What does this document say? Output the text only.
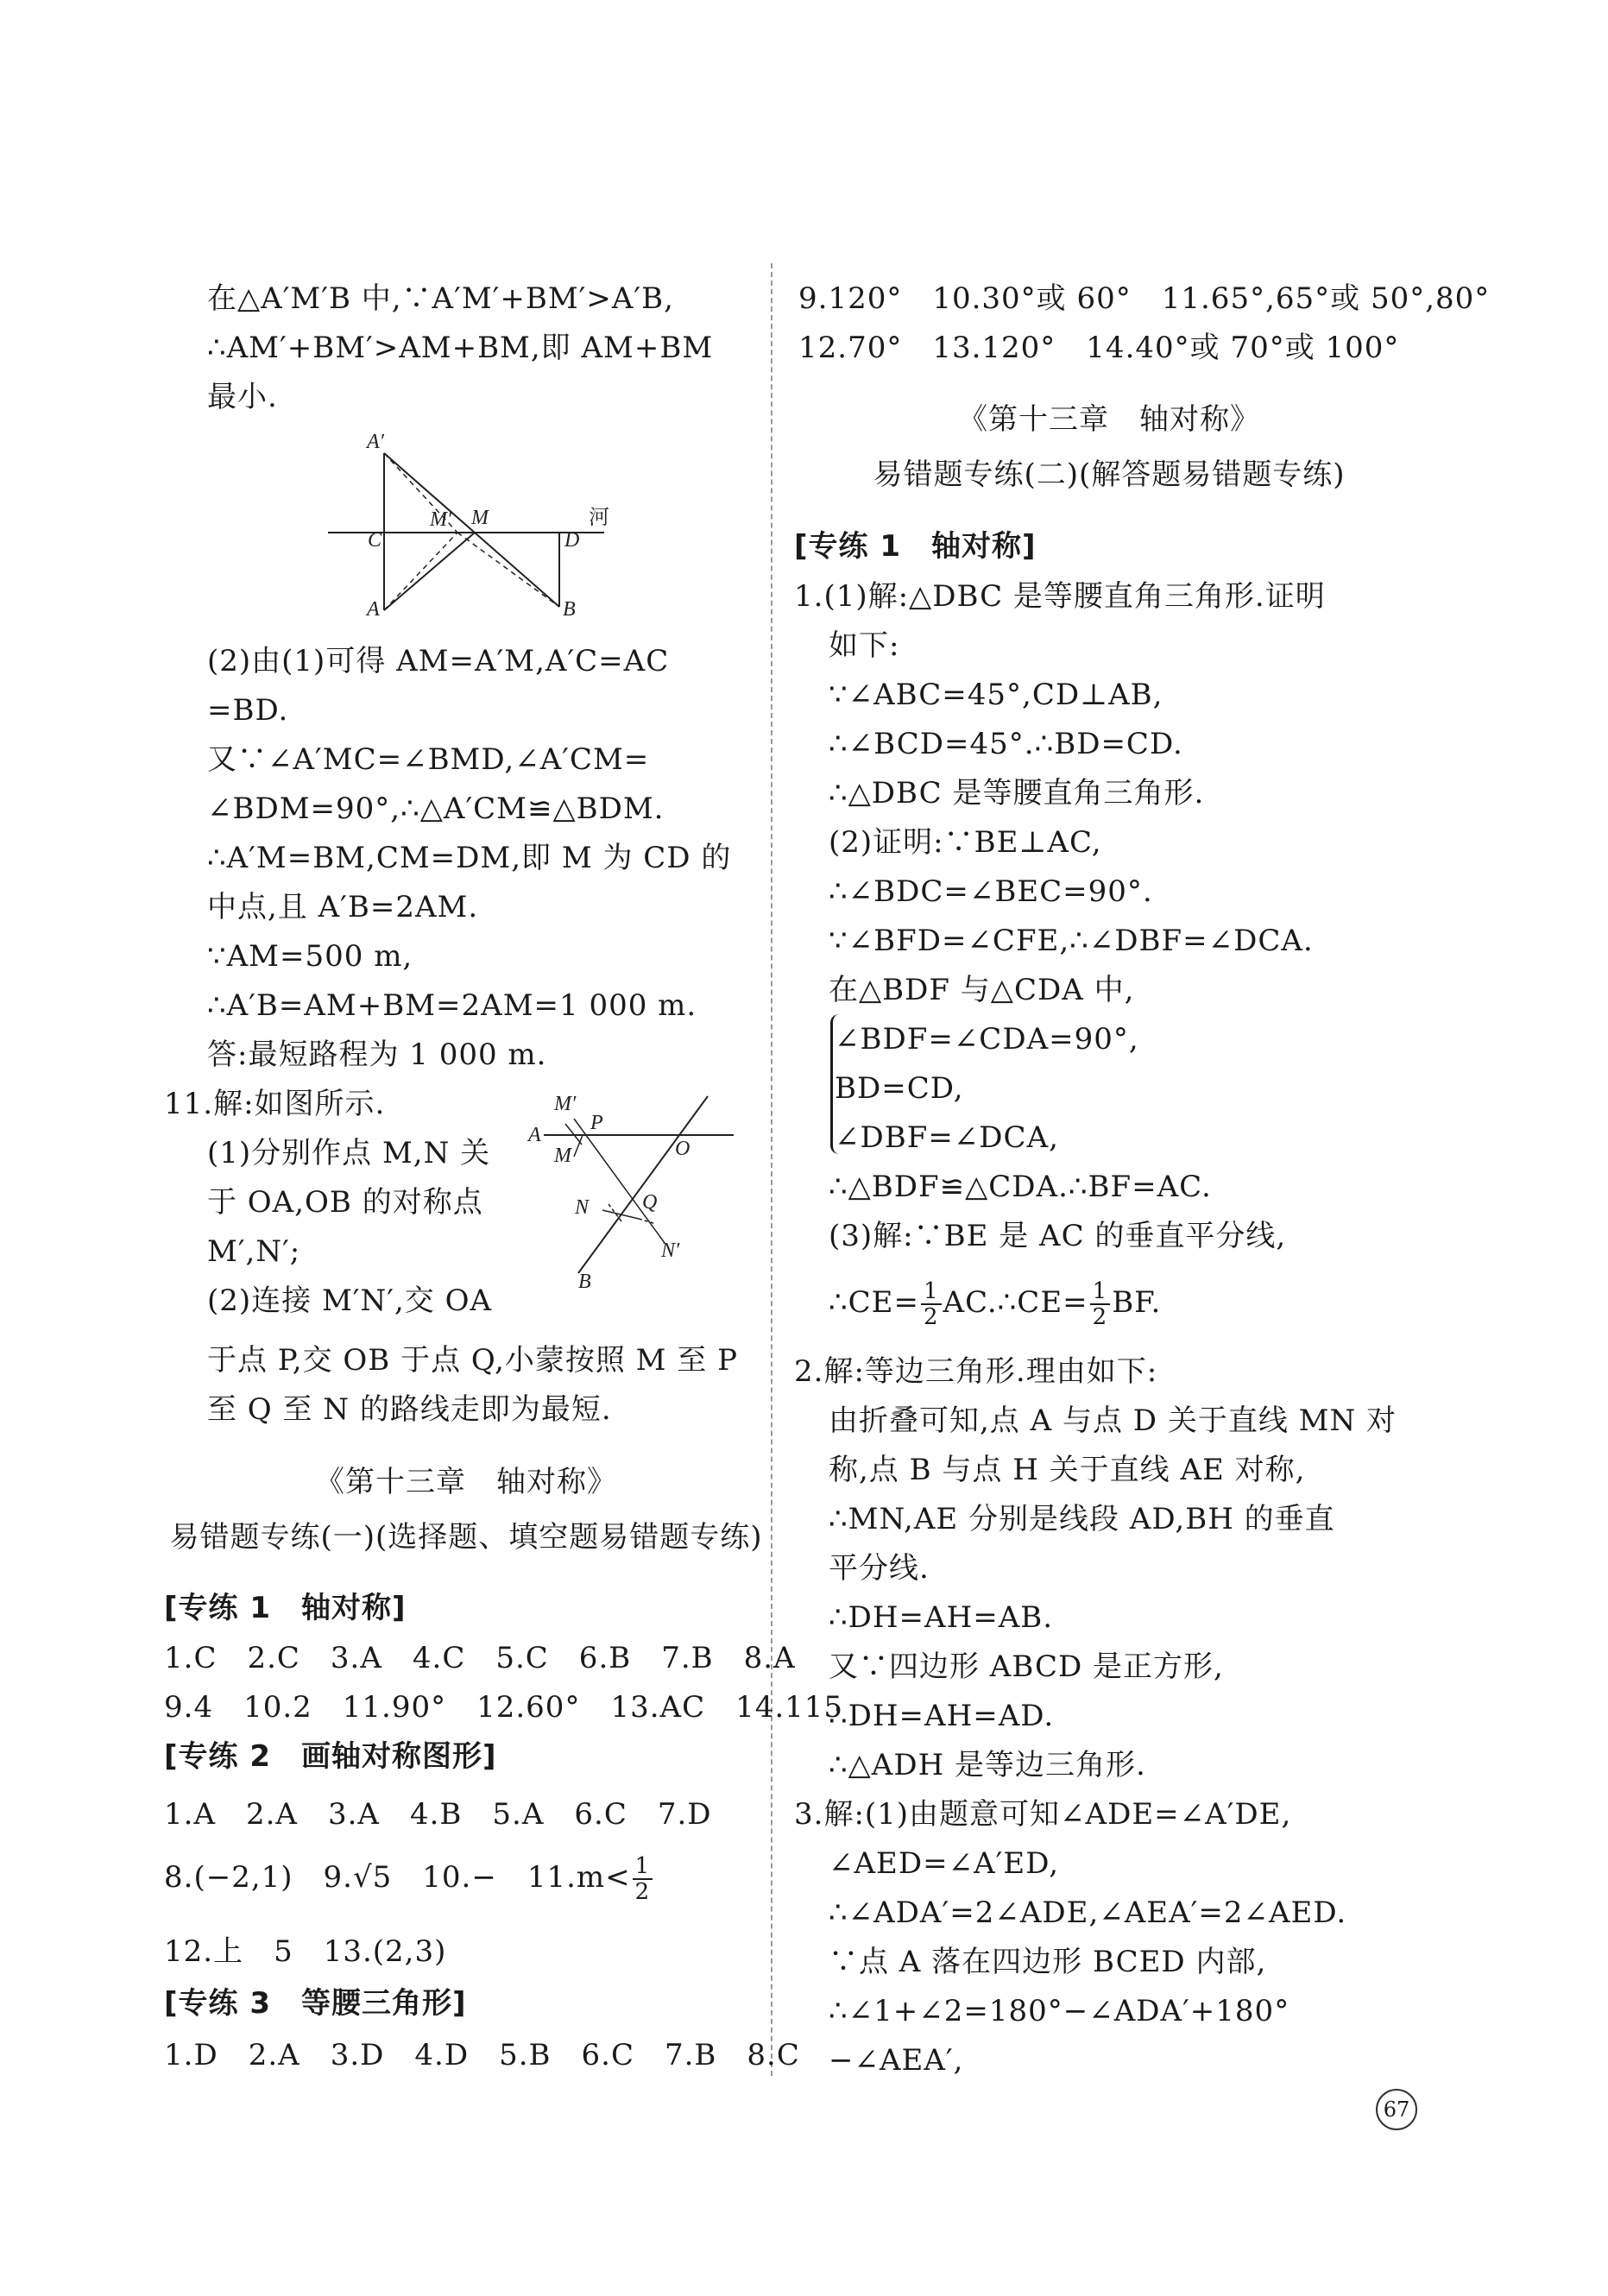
在△A′M′B 中,∵A′M′+BM′>A′B,
∴AM′+BM′>AM+BM,即 AM+BM
最小.
A′
A
C
M′ M
D
B
河
(2)由(1)可得 AM=A′M,A′C=AC
=BD.
又∵∠A′MC=∠BMD,∠A′CM=
∠BDM=90°,∴△A′CM≌△BDM.
∴A′M=BM,CM=DM,即 M 为 CD 的
中点,且 A′B=2AM.
∵AM=500 m,
∴A′B=AM+BM=2AM=1 000 m.
答:最短路程为 1 000 m.
11.解:如图所示.
(1)分别作点 M,N 关
于 OA,OB 的对称点
M′,N′;
(2)连接 M′N′,交 OA
于点 P,交 OB 于点 Q,小蒙按照 M 至 P
至 Q 至 N 的路线走即为最短.
M′
A
P
M	O
N	Q
N′
B
《第十三章　轴对称》
易错题专练(一)(选择题、填空题易错题专练)
[专练 1　轴对称]
1.C　2.C　3.A　4.C　5.C　6.B　7.B　8.A
9.4　10.2　11.90°　12.60°　13.AC　14.115
[专练 2　画轴对称图形]
1.A　2.A　3.A　4.B　5.A　6.C　7.D
8.(−2,1)　9.√5　10.−　$11.m< \frac{1}{2}$
12.上　5　13.(2,3)
[专练 3　等腰三角形]
1.D　2.A　3.D　4.D　5.B　6.C　7.B　8.C
9.120°　10.30°或 60°　11.65°,65°或 50°,80°
12.70°　13.120°　14.40°或 70°或 100°
《第十三章　轴对称》
易错题专练(二)(解答题易错题专练)
[专练 1　轴对称]
1.(1)解:△DBC 是等腰直角三角形.证明
如下:
∵∠ABC=45°,CD⊥AB,
∴∠BCD=45°.∴BD=CD.
∴△DBC 是等腰直角三角形.
(2)证明:∵BE⊥AC,
∴∠BDC=∠BEC=90°.
∵∠BFD=∠CFE,∴∠DBF=∠DCA.
在△BDF 与△CDA 中,
∠BDF=∠CDA=90°,
BD=CD,
∠DBF=∠DCA,
∴△BDF≌△CDA.∴BF=AC.
(3)解:∵BE 是 AC 的垂直平分线,
∴CE= $\frac{1}{2}$ AC.∴CE= $\frac{1}{2}$ BF.
2.解:等边三角形.理由如下:
由折叠可知,点 A 与点 D 关于直线 MN 对
称,点 B 与点 H 关于直线 AE 对称,
∴MN,AE 分别是线段 AD,BH 的垂直
平分线.
∴DH=AH=AB.
又∵四边形 ABCD 是正方形,
∴DH=AH=AD.
∴△ADH 是等边三角形.
3.解:(1)由题意可知∠ADE=∠A′DE,
∠AED=∠A′ED,
∴∠ADA′=2∠ADE,∠AEA′=2∠AED.
∵点 A 落在四边形 BCED 内部,
∴∠1+∠2=180°−∠ADA′+180°
−∠AEA′,
67
